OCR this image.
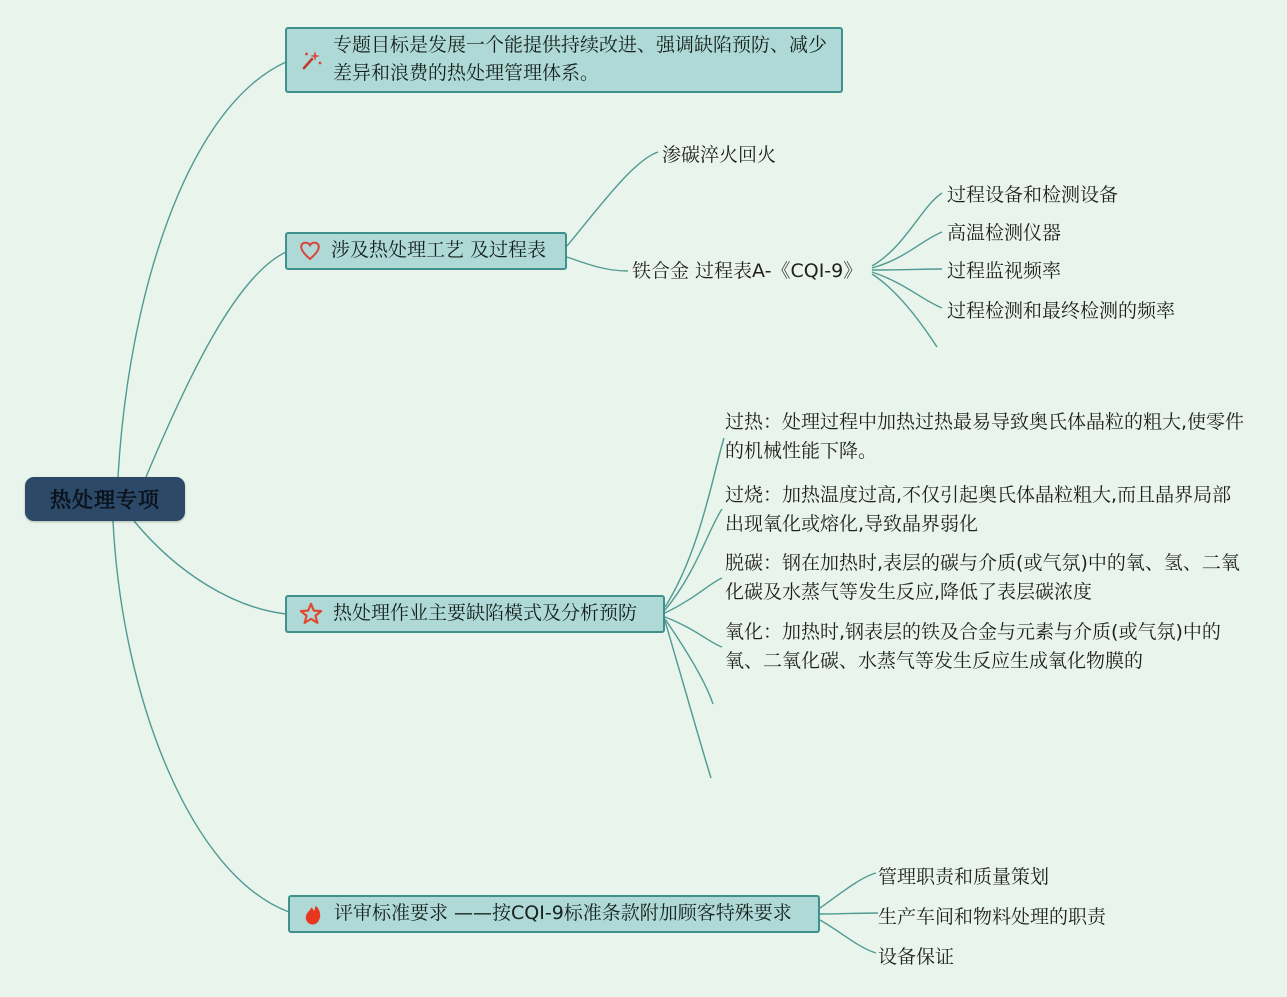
热处理专项
专题目标是发展一个能提供持续改进、强调缺陷预防、减少差异和浪费的热处理管理体系。
涉及热处理工艺 及过程表
热处理作业主要缺陷模式及分析预防
评审标准要求 ——按CQI-9标准条款附加顾客特殊要求
渗碳淬火回火
铁合金 过程表A-《CQI-9》
过程设备和检测设备
高温检测仪器
过程监视频率
过程检测和最终检测的频率
过热：处理过程中加热过热最易导致奥氏体晶粒的粗大,使零件的机械性能下降。
过烧：加热温度过高,不仅引起奥氏体晶粒粗大,而且晶界局部出现氧化或熔化,导致晶界弱化
脱碳：钢在加热时,表层的碳与介质(或气氛)中的氧、氢、二氧化碳及水蒸气等发生反应,降低了表层碳浓度
氧化：加热时,钢表层的铁及合金与元素与介质(或气氛)中的氧、二氧化碳、水蒸气等发生反应生成氧化物膜的
管理职责和质量策划
生产车间和物料处理的职责
设备保证
